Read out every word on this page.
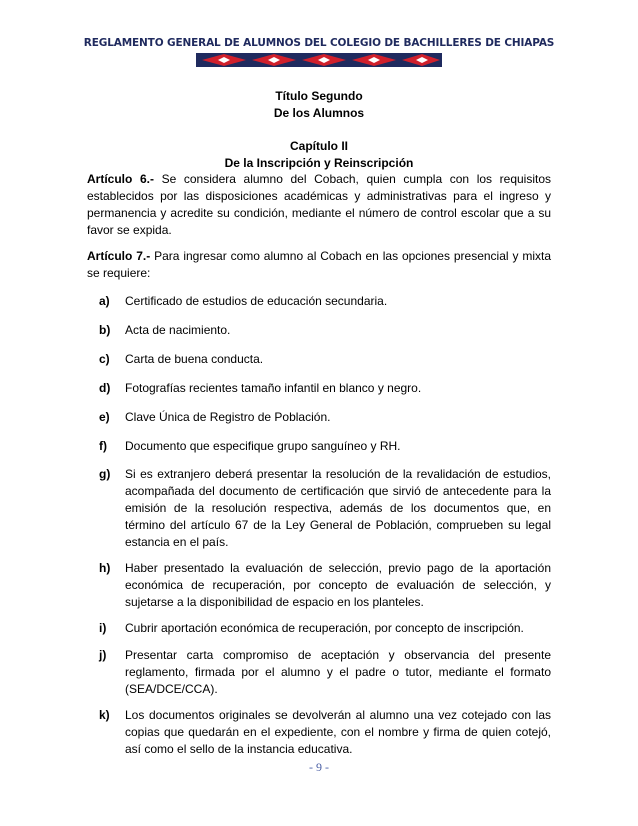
REGLAMENTO GENERAL DE ALUMNOS DEL COLEGIO DE BACHILLERES DE CHIAPAS
Título Segundo
De los Alumnos
Capítulo II
De la Inscripción y Reinscripción

Artículo 6.- Se considera alumno del Cobach, quien cumpla con los requisitos establecidos por las disposiciones académicas y administrativas para el ingreso y permanencia y acredite su condición, mediante el número de control escolar que a su favor se expida.

Artículo 7.- Para ingresar como alumno al Cobach en las opciones presencial y mixta se requiere:

a) Certificado de estudios de educación secundaria.
b) Acta de nacimiento.
c) Carta de buena conducta.
d) Fotografías recientes tamaño infantil en blanco y negro.
e) Clave Única de Registro de Población.
f) Documento que especifique grupo sanguíneo y RH.
g) Si es extranjero deberá presentar la resolución de la revalidación de estudios, acompañada del documento de certificación que sirvió de antecedente para la emisión de la resolución respectiva, además de los documentos que, en término del artículo 67 de la Ley General de Población, comprueben su legal estancia en el país.
h) Haber presentado la evaluación de selección, previo pago de la aportación económica de recuperación, por concepto de evaluación de selección, y sujetarse a la disponibilidad de espacio en los planteles.
i) Cubrir aportación económica de recuperación, por concepto de inscripción.
j) Presentar carta compromiso de aceptación y observancia del presente reglamento, firmada por el alumno y el padre o tutor, mediante el formato (SEA/DCE/CCA).
k) Los documentos originales se devolverán al alumno una vez cotejado con las copias que quedarán en el expediente, con el nombre y firma de quien cotejó, así como el sello de la instancia educativa.
- 9 -
